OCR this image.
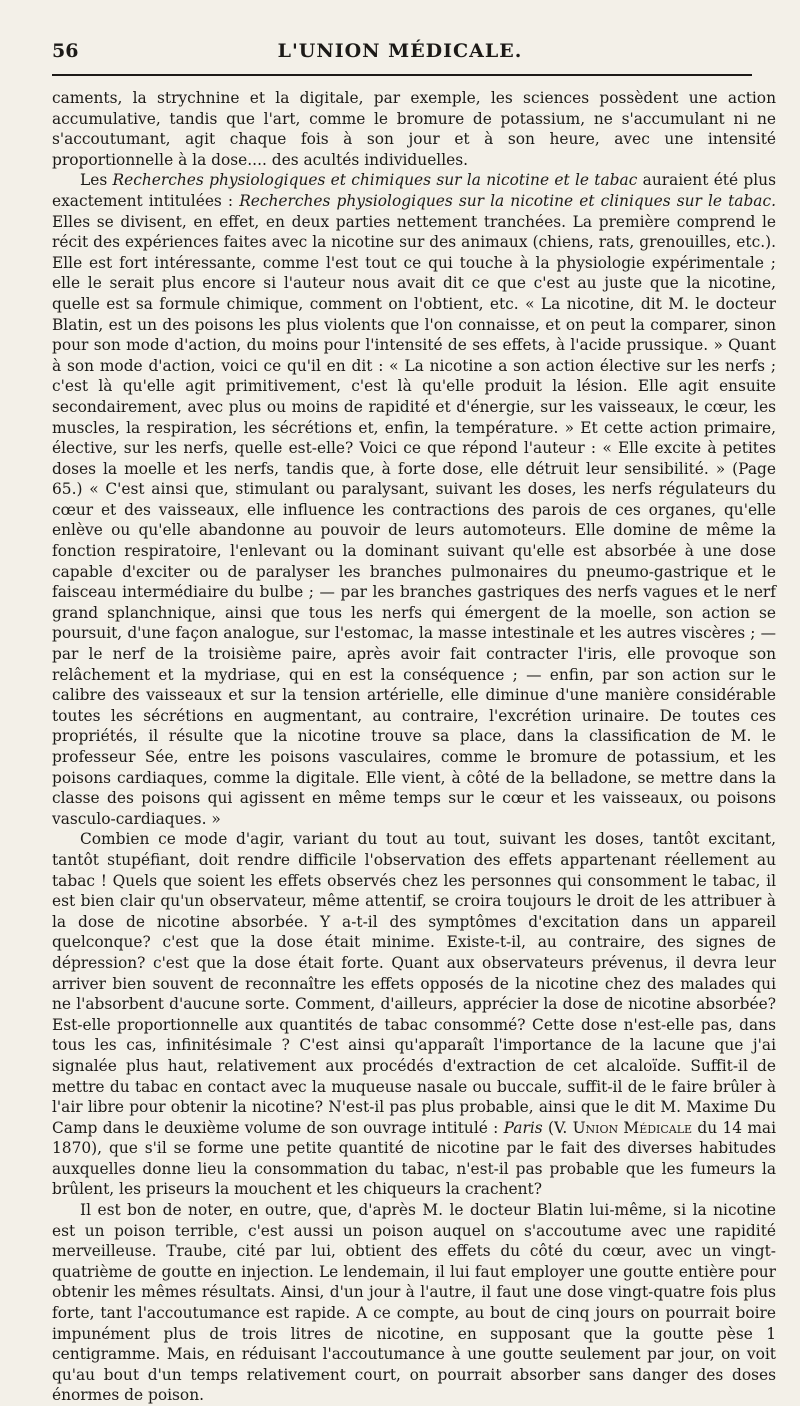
56	L'UNION MÉDICALE.

caments, la strychnine et la digitale, par exemple, les sciences possèdent une action accumulative, tandis que l'art, comme le bromure de potassium, ne s'accumulant ni ne s'accoutumant, agit chaque fois à son jour et à son heure, avec une intensité proportionnelle à la dose.... des acultés individuelles.

Les Recherches physiologiques et chimiques sur la nicotine et le tabac auraient été plus exactement intitulées : Recherches physiologiques sur la nicotine et cliniques sur le tabac. Elles se divisent, en effet, en deux parties nettement tranchées. La première comprend le récit des expériences faites avec la nicotine sur des animaux (chiens, rats, grenouilles, etc.). Elle est fort intéressante, comme l'est tout ce qui touche à la physiologie expérimentale ; elle le serait plus encore si l'auteur nous avait dit ce que c'est au juste que la nicotine, quelle est sa formule chimique, comment on l'obtient, etc. « La nicotine, dit M. le docteur Blatin, est un des poisons les plus violents que l'on connaisse, et on peut la comparer, sinon pour son mode d'action, du moins pour l'intensité de ses effets, à l'acide prussique. » Quant à son mode d'action, voici ce qu'il en dit : « La nicotine a son action élective sur les nerfs ; c'est là qu'elle agit primitivement, c'est là qu'elle produit la lésion. Elle agit ensuite secondairement, avec plus ou moins de rapidité et d'énergie, sur les vaisseaux, le cœur, les muscles, la respiration, les sécrétions et, enfin, la température. » Et cette action primaire, élective, sur les nerfs, quelle est-elle? Voici ce que répond l'auteur : « Elle excite à petites doses la moelle et les nerfs, tandis que, à forte dose, elle détruit leur sensibilité. » (Page 65.) « C'est ainsi que, stimulant ou paralysant, suivant les doses, les nerfs régulateurs du cœur et des vaisseaux, elle influence les contractions des parois de ces organes, qu'elle enlève ou qu'elle abandonne au pouvoir de leurs automoteurs. Elle domine de même la fonction respiratoire, l'enlevant ou la dominant suivant qu'elle est absorbée à une dose capable d'exciter ou de paralyser les branches pulmonaires du pneumo-gastrique et le faisceau intermédiaire du bulbe ; — par les branches gastriques des nerfs vagues et le nerf grand splanchnique, ainsi que tous les nerfs qui émergent de la moelle, son action se poursuit, d'une façon analogue, sur l'estomac, la masse intestinale et les autres viscères ; — par le nerf de la troisième paire, après avoir fait contracter l'iris, elle provoque son relâchement et la mydriase, qui en est la conséquence ; — enfin, par son action sur le calibre des vaisseaux et sur la tension artérielle, elle diminue d'une manière considérable toutes les sécrétions en augmentant, au contraire, l'excrétion urinaire. De toutes ces propriétés, il résulte que la nicotine trouve sa place, dans la classification de M. le professeur Sée, entre les poisons vasculaires, comme le bromure de potassium, et les poisons cardiaques, comme la digitale. Elle vient, à côté de la belladone, se mettre dans la classe des poisons qui agissent en même temps sur le cœur et les vaisseaux, ou poisons vasculo-cardiaques. »

Combien ce mode d'agir, variant du tout au tout, suivant les doses, tantôt excitant, tantôt stupéfiant, doit rendre difficile l'observation des effets appartenant réellement au tabac ! Quels que soient les effets observés chez les personnes qui consomment le tabac, il est bien clair qu'un observateur, même attentif, se croira toujours le droit de les attribuer à la dose de nicotine absorbée. Y a-t-il des symptômes d'excitation dans un appareil quelconque? c'est que la dose était minime. Existe-t-il, au contraire, des signes de dépression? c'est que la dose était forte. Quant aux observateurs prévenus, il devra leur arriver bien souvent de reconnaître les effets opposés de la nicotine chez des malades qui ne l'absorbent d'aucune sorte. Comment, d'ailleurs, apprécier la dose de nicotine absorbée? Est-elle proportionnelle aux quantités de tabac consommé? Cette dose n'est-elle pas, dans tous les cas, infinitésimale ? C'est ainsi qu'apparaît l'importance de la lacune que j'ai signalée plus haut, relativement aux procédés d'extraction de cet alcaloïde. Suffit-il de mettre du tabac en contact avec la muqueuse nasale ou buccale, suffit-il de le faire brûler à l'air libre pour obtenir la nicotine? N'est-il pas plus probable, ainsi que le dit M. Maxime Du Camp dans le deuxième volume de son ouvrage intitulé : Paris (V. Union Médicale du 14 mai 1870), que s'il se forme une petite quantité de nicotine par le fait des diverses habitudes auxquelles donne lieu la consommation du tabac, n'est-il pas probable que les fumeurs la brûlent, les priseurs la mouchent et les chiqueurs la crachent?

Il est bon de noter, en outre, que, d'après M. le docteur Blatin lui-même, si la nicotine est un poison terrible, c'est aussi un poison auquel on s'accoutume avec une rapidité merveilleuse. Traube, cité par lui, obtient des effets du côté du cœur, avec un vingt-quatrième de goutte en injection. Le lendemain, il lui faut employer une goutte entière pour obtenir les mêmes résultats. Ainsi, d'un jour à l'autre, il faut une dose vingt-quatre fois plus forte, tant l'accoutumance est rapide. A ce compte, au bout de cinq jours on pourrait boire impunément plus de trois litres de nicotine, en supposant que la goutte pèse 1 centigramme. Mais, en réduisant l'accoutumance à une goutte seulement par jour, on voit qu'au bout d'un temps relativement court, on pourrait absorber sans danger des doses énormes de poison.
